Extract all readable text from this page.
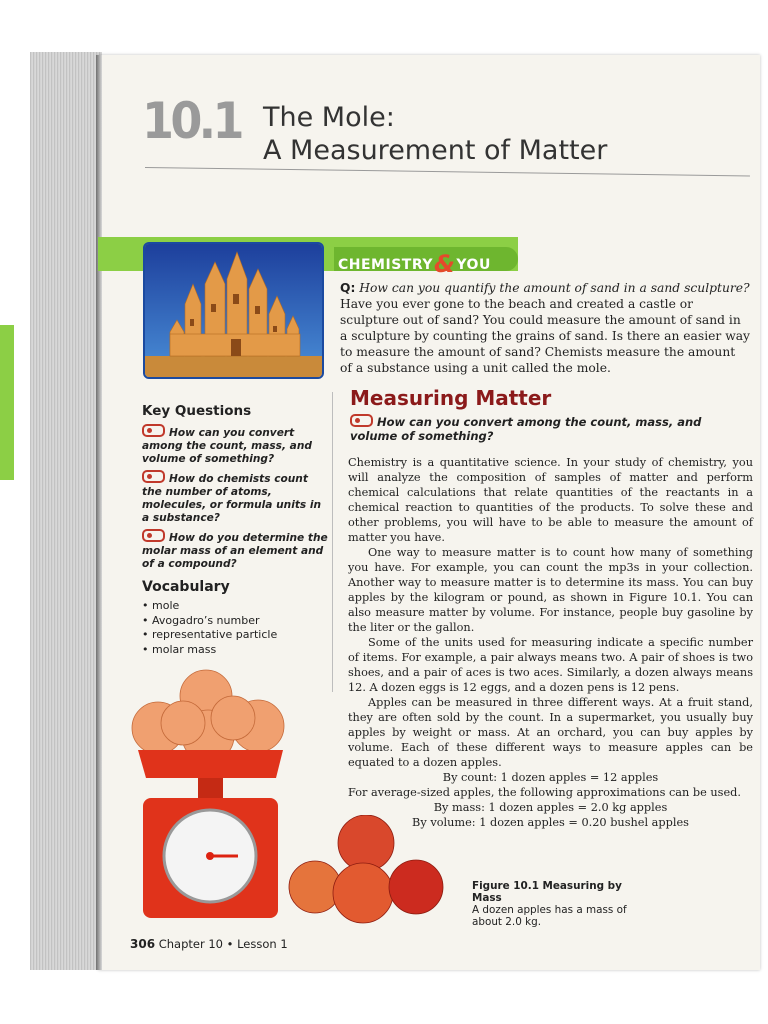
10.1 The Mole:
A Measurement of Matter
CHEMISTRY&YOU
Q: How can you quantify the amount of sand in a sand sculpture? Have you ever gone to the beach and created a castle or sculpture out of sand? You could measure the amount of sand in a sculpture by counting the grains of sand. Is there an easier way to measure the amount of sand? Chemists measure the amount of a substance using a unit called the mole.
Key Questions
How can you convert among the count, mass, and volume of something?
How do chemists count the number of atoms, molecules, or formula units in a substance?
How do you determine the molar mass of an element and of a compound?
Vocabulary
• mole
• Avogadro’s number
• representative particle
• molar mass
Measuring Matter
How can you convert among the count, mass, and volume of something?

Chemistry is a quantitative science. In your study of chemistry, you will analyze the composition of samples of matter and perform chemical calculations that relate quantities of the reactants in a chemical reaction to quantities of the products. To solve these and other problems, you will have to be able to measure the amount of matter you have.

One way to measure matter is to count how many of something you have. For example, you can count the mp3s in your collection. Another way to measure matter is to determine its mass. You can buy apples by the kilogram or pound, as shown in Figure 10.1. You can also measure matter by volume. For instance, people buy gasoline by the liter or the gallon.

Some of the units used for measuring indicate a specific number of items. For example, a pair always means two. A pair of shoes is two shoes, and a pair of aces is two aces. Similarly, a dozen always means 12. A dozen eggs is 12 eggs, and a dozen pens is 12 pens.

Apples can be measured in three different ways. At a fruit stand, they are often sold by the count. In a supermarket, you usually buy apples by weight or mass. At an orchard, you can buy apples by volume. Each of these different ways to measure apples can be equated to a dozen apples.

By count: 1 dozen apples = 12 apples

For average-sized apples, the following approximations can be used.

By mass: 1 dozen apples = 2.0 kg apples

By volume: 1 dozen apples = 0.20 bushel apples

Figure 10.1 Measuring by Mass
A dozen apples has a mass of about 2.0 kg.
306 Chapter 10 • Lesson 1
